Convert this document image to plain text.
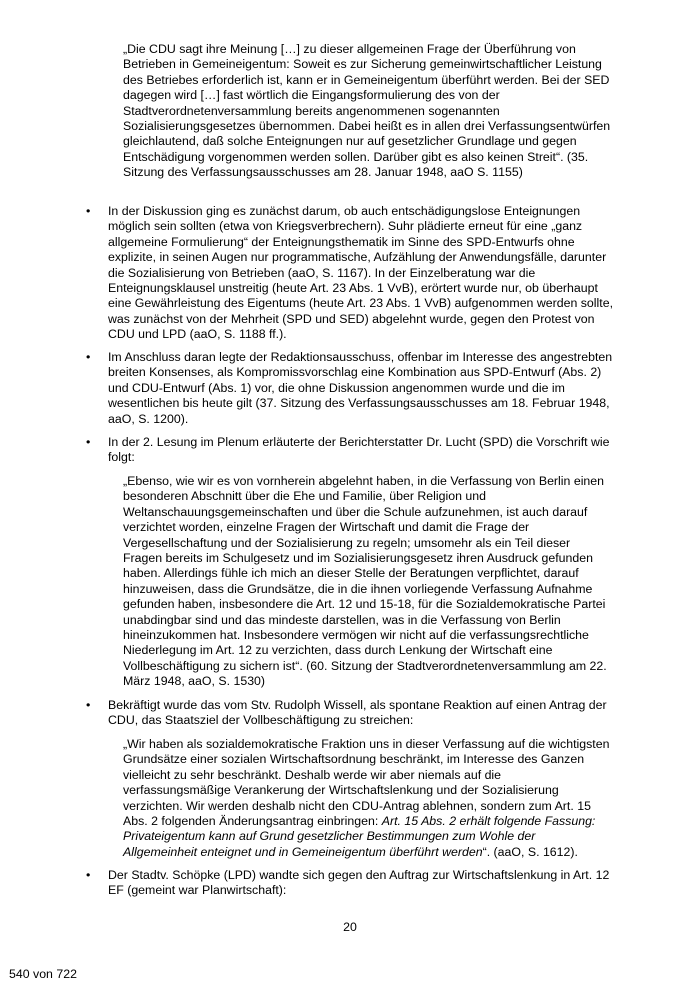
„Die CDU sagt ihre Meinung […] zu dieser allgemeinen Frage der Überführung von Betrieben in Gemeineigentum: Soweit es zur Sicherung gemeinwirtschaftlicher Leistung des Betriebes erforderlich ist, kann er in Gemeineigentum überführt werden. Bei der SED dagegen wird […] fast wörtlich die Eingangsformulierung des von der Stadtverordnetenversammlung bereits angenommenen sogenannten Sozialisierungsgesetzes übernommen. Dabei heißt es in allen drei Verfassungsentwürfen gleichlautend, daß solche Enteignungen nur auf gesetzlicher Grundlage und gegen Entschädigung vorgenommen werden sollen. Darüber gibt es also keinen Streit“. (35. Sitzung des Verfassungsausschusses am 28. Januar 1948, aaO S. 1155)

•	In der Diskussion ging es zunächst darum, ob auch entschädigungslose Enteignungen möglich sein sollten (etwa von Kriegsverbrechern). Suhr plädierte erneut für eine „ganz allgemeine Formulierung“ der Enteignungsthematik im Sinne des SPD-Entwurfs ohne explizite, in seinen Augen nur programmatische, Aufzählung der Anwendungsfälle, darunter die Sozialisierung von Betrieben (aaO, S. 1167). In der Einzelberatung war die Enteignungsklausel unstreitig (heute Art. 23 Abs. 1 VvB), erörtert wurde nur, ob überhaupt eine Gewährleistung des Eigentums (heute Art. 23 Abs. 1 VvB) aufgenommen werden sollte, was zunächst von der Mehrheit (SPD und SED) abgelehnt wurde, gegen den Protest von CDU und LPD (aaO, S. 1188 ff.).

•	Im Anschluss daran legte der Redaktionsausschuss, offenbar im Interesse des angestrebten breiten Konsenses, als Kompromissvorschlag eine Kombination aus SPD-Entwurf (Abs. 2) und CDU-Entwurf (Abs. 1) vor, die ohne Diskussion angenommen wurde und die im wesentlichen bis heute gilt (37. Sitzung des Verfassungsausschusses am 18. Februar 1948, aaO, S. 1200).

•	In der 2. Lesung im Plenum erläuterte der Berichterstatter Dr. Lucht (SPD) die Vorschrift wie folgt:

„Ebenso, wie wir es von vornherein abgelehnt haben, in die Verfassung von Berlin einen besonderen Abschnitt über die Ehe und Familie, über Religion und Weltanschauungsgemeinschaften und über die Schule aufzunehmen, ist auch darauf verzichtet worden, einzelne Fragen der Wirtschaft und damit die Frage der Vergesellschaftung und der Sozialisierung zu regeln; umsomehr als ein Teil dieser Fragen bereits im Schulgesetz und im Sozialisierungsgesetz ihren Ausdruck gefunden haben. Allerdings fühle ich mich an dieser Stelle der Beratungen verpflichtet, darauf hinzuweisen, dass die Grundsätze, die in die ihnen vorliegende Verfassung Aufnahme gefunden haben, insbesondere die Art. 12 und 15-18, für die Sozialdemokratische Partei unabdingbar sind und das mindeste darstellen, was in die Verfassung von Berlin hineinzukommen hat. Insbesondere vermögen wir nicht auf die verfassungsrechtliche Niederlegung im Art. 12 zu verzichten, dass durch Lenkung der Wirtschaft eine Vollbeschäftigung zu sichern ist“. (60. Sitzung der Stadtverordnetenversammlung am 22. März 1948, aaO, S. 1530)

•	Bekräftigt wurde das vom Stv. Rudolph Wissell, als spontane Reaktion auf einen Antrag der CDU, das Staatsziel der Vollbeschäftigung zu streichen:

„Wir haben als sozialdemokratische Fraktion uns in dieser Verfassung auf die wichtigsten Grundsätze einer sozialen Wirtschaftsordnung beschränkt, im Interesse des Ganzen vielleicht zu sehr beschränkt. Deshalb werde wir aber niemals auf die verfassungsmäßige Verankerung der Wirtschaftslenkung und der Sozialisierung verzichten. Wir werden deshalb nicht den CDU-Antrag ablehnen, sondern zum Art. 15 Abs. 2 folgenden Änderungsantrag einbringen: Art. 15 Abs. 2 erhält folgende Fassung: Privateigentum kann auf Grund gesetzlicher Bestimmungen zum Wohle der Allgemeinheit enteignet und in Gemeineigentum überführt werden“. (aaO, S. 1612).

•	Der Stadtv. Schöpke (LPD) wandte sich gegen den Auftrag zur Wirtschaftslenkung in Art. 12 EF (gemeint war Planwirtschaft):

20

540 von 722
